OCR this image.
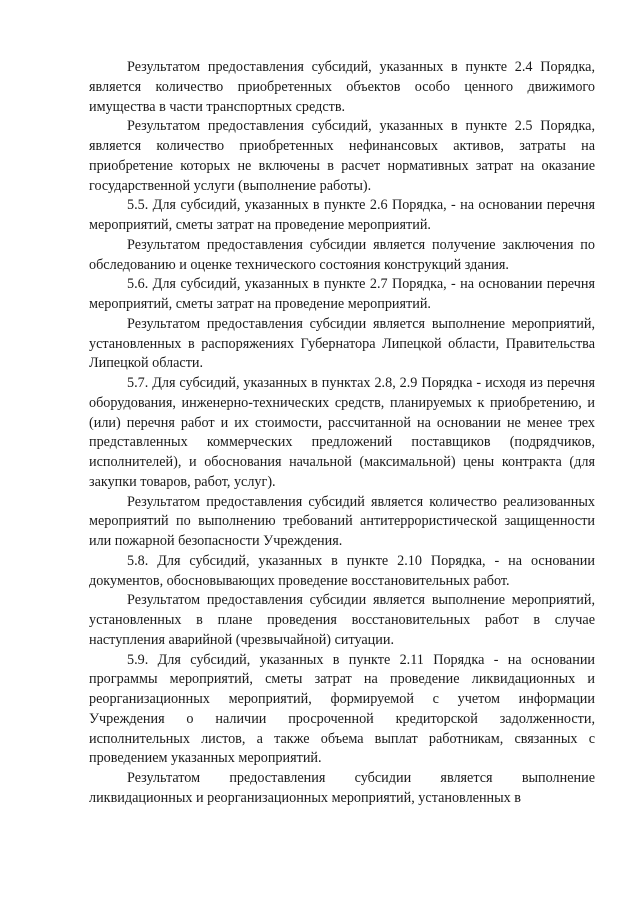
Результатом предоставления субсидий, указанных в пункте 2.4 Порядка, является количество приобретенных объектов особо ценного движимого имущества в части транспортных средств.

Результатом предоставления субсидий, указанных в пункте 2.5 Порядка, является количество приобретенных нефинансовых активов, затраты на приобретение которых не включены в расчет нормативных затрат на оказание государственной услуги (выполнение работы).

5.5. Для субсидий, указанных в пункте 2.6 Порядка, - на основании перечня мероприятий, сметы затрат на проведение мероприятий.

Результатом предоставления субсидии является получение заключения по обследованию и оценке технического состояния конструкций здания.

5.6. Для субсидий, указанных в пункте 2.7 Порядка, - на основании перечня мероприятий, сметы затрат на проведение мероприятий.

Результатом предоставления субсидии является выполнение мероприятий, установленных в распоряжениях Губернатора Липецкой области, Правительства Липецкой области.

5.7. Для субсидий, указанных в пунктах 2.8, 2.9 Порядка - исходя из перечня оборудования, инженерно-технических средств, планируемых к приобретению, и (или) перечня работ и их стоимости, рассчитанной на основании не менее трех представленных коммерческих предложений поставщиков (подрядчиков, исполнителей), и обоснования начальной (максимальной) цены контракта (для закупки товаров, работ, услуг).

Результатом предоставления субсидий является количество реализованных мероприятий по выполнению требований антитеррористической защищенности или пожарной безопасности Учреждения.

5.8. Для субсидий, указанных в пункте 2.10 Порядка, - на основании документов, обосновывающих проведение восстановительных работ.

Результатом предоставления субсидии является выполнение мероприятий, установленных в плане проведения восстановительных работ в случае наступления аварийной (чрезвычайной) ситуации.

5.9. Для субсидий, указанных в пункте 2.11 Порядка - на основании программы мероприятий, сметы затрат на проведение ликвидационных и реорганизационных мероприятий, формируемой с учетом информации Учреждения о наличии просроченной кредиторской задолженности, исполнительных листов, а также объема выплат работникам, связанных с проведением указанных мероприятий.

Результатом предоставления субсидии является выполнение ликвидационных и реорганизационных мероприятий, установленных в
